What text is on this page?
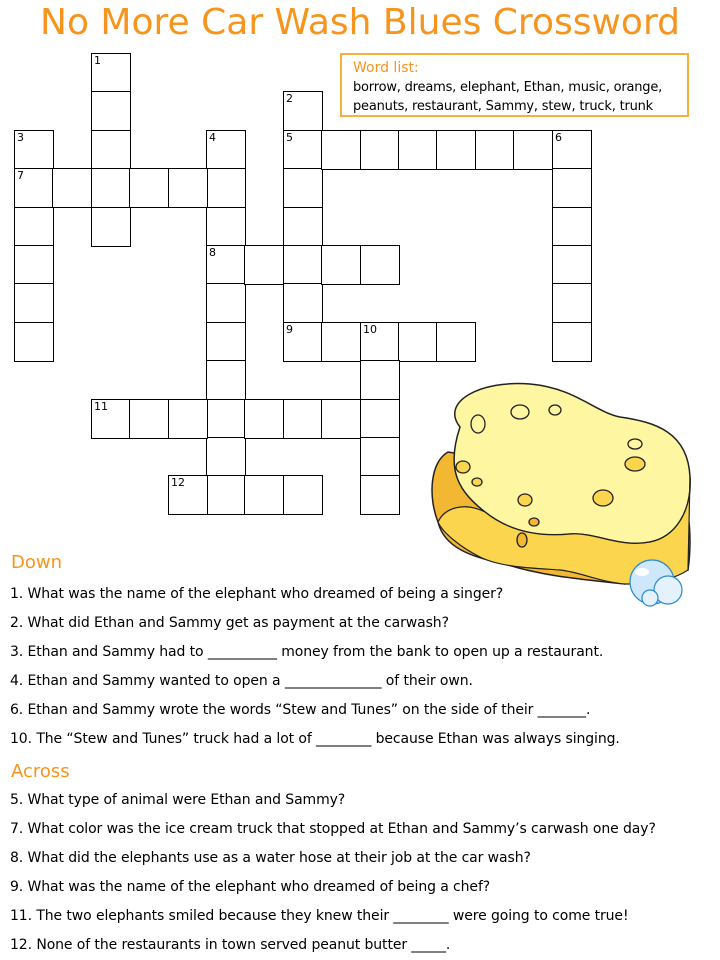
No More Car Wash Blues Crossword
Word list:
borrow, dreams, elephant, Ethan, music, orange,
peanuts, restaurant, Sammy, stew, truck, trunk
1
2
5
3
7
4
8
6
9	10
11
12
Down
1. What was the name of the elephant who dreamed of being a singer?
2. What did Ethan and Sammy get as payment at the carwash?
3. Ethan and Sammy had to __________ money from the bank to open up a restaurant.
4. Ethan and Sammy wanted to open a ______________ of their own.
6. Ethan and Sammy wrote the words “Stew and Tunes” on the side of their _______.
10. The “Stew and Tunes” truck had a lot of ________ because Ethan was always singing.
Across
5. What type of animal were Ethan and Sammy?
7. What color was the ice cream truck that stopped at Ethan and Sammy’s carwash one day?
8. What did the elephants use as a water hose at their job at the car wash?
9. What was the name of the elephant who dreamed of being a chef?
11. The two elephants smiled because they knew their ________ were going to come true!
12. None of the restaurants in town served peanut butter _____.
